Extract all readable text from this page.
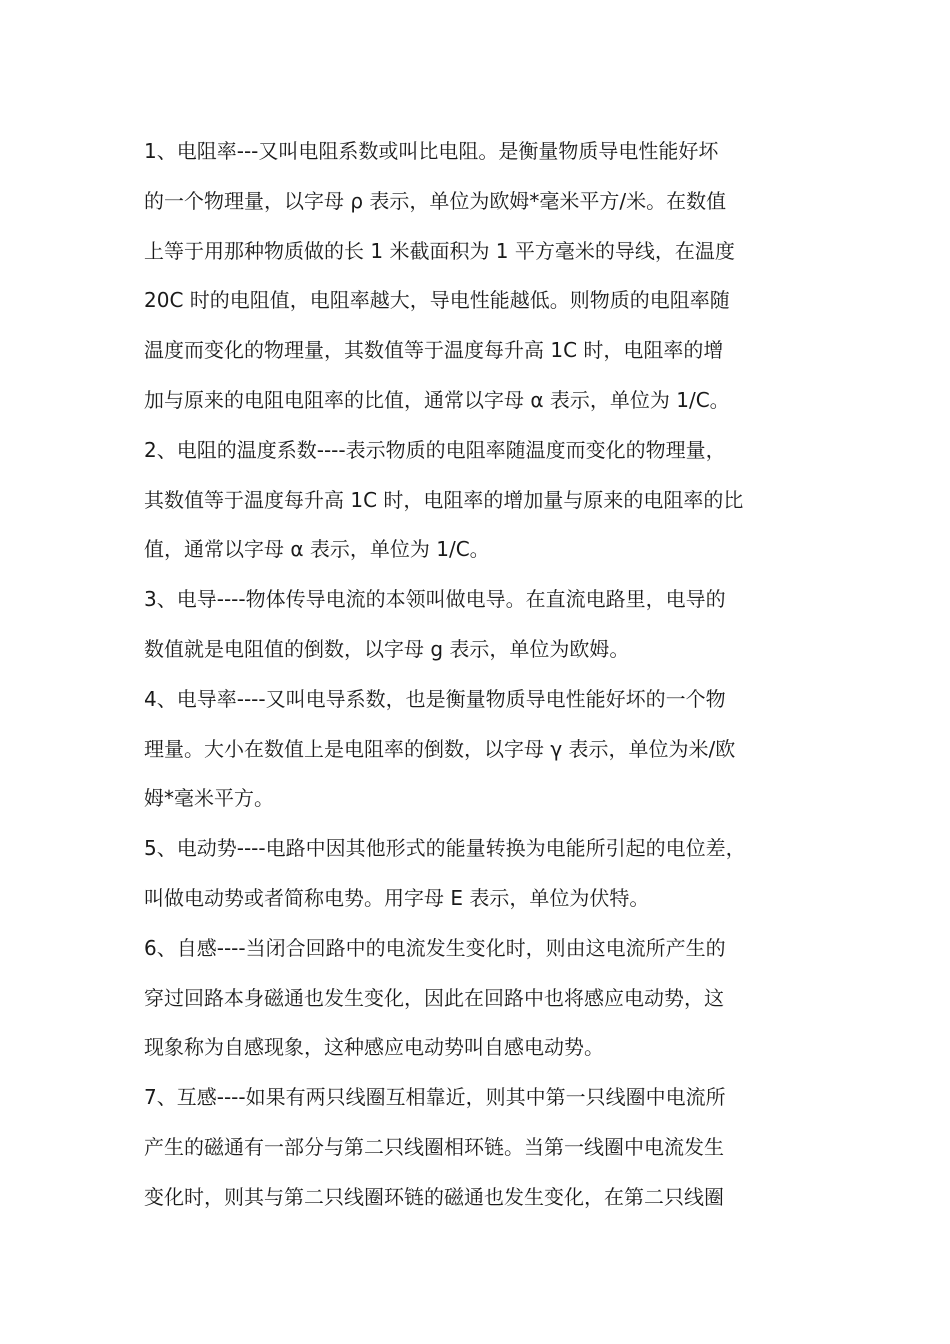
1、电阻率---又叫电阻系数或叫比电阻。是衡量物质导电性能好坏
的一个物理量，以字母 ρ 表示，单位为欧姆*毫米平方/米。在数值
上等于用那种物质做的长 1 米截面积为 1 平方毫米的导线，在温度
20C 时的电阻值，电阻率越大，导电性能越低。则物质的电阻率随
温度而变化的物理量，其数值等于温度每升高 1C 时，电阻率的增
加与原来的电阻电阻率的比值，通常以字母 α 表示，单位为 1/C。
2、电阻的温度系数----表示物质的电阻率随温度而变化的物理量，
其数值等于温度每升高 1C 时，电阻率的增加量与原来的电阻率的比
值，通常以字母 α 表示，单位为 1/C。
3、电导----物体传导电流的本领叫做电导。在直流电路里，电导的
数值就是电阻值的倒数，以字母 g 表示，单位为欧姆。
4、电导率----又叫电导系数，也是衡量物质导电性能好坏的一个物
理量。大小在数值上是电阻率的倒数，以字母 γ 表示，单位为米/欧
姆*毫米平方。
5、电动势----电路中因其他形式的能量转换为电能所引起的电位差，
叫做电动势或者简称电势。用字母 E 表示，单位为伏特。
6、自感----当闭合回路中的电流发生变化时，则由这电流所产生的
穿过回路本身磁通也发生变化，因此在回路中也将感应电动势，这
现象称为自感现象，这种感应电动势叫自感电动势。
7、互感----如果有两只线圈互相靠近，则其中第一只线圈中电流所
产生的磁通有一部分与第二只线圈相环链。当第一线圈中电流发生
变化时，则其与第二只线圈环链的磁通也发生变化，在第二只线圈
